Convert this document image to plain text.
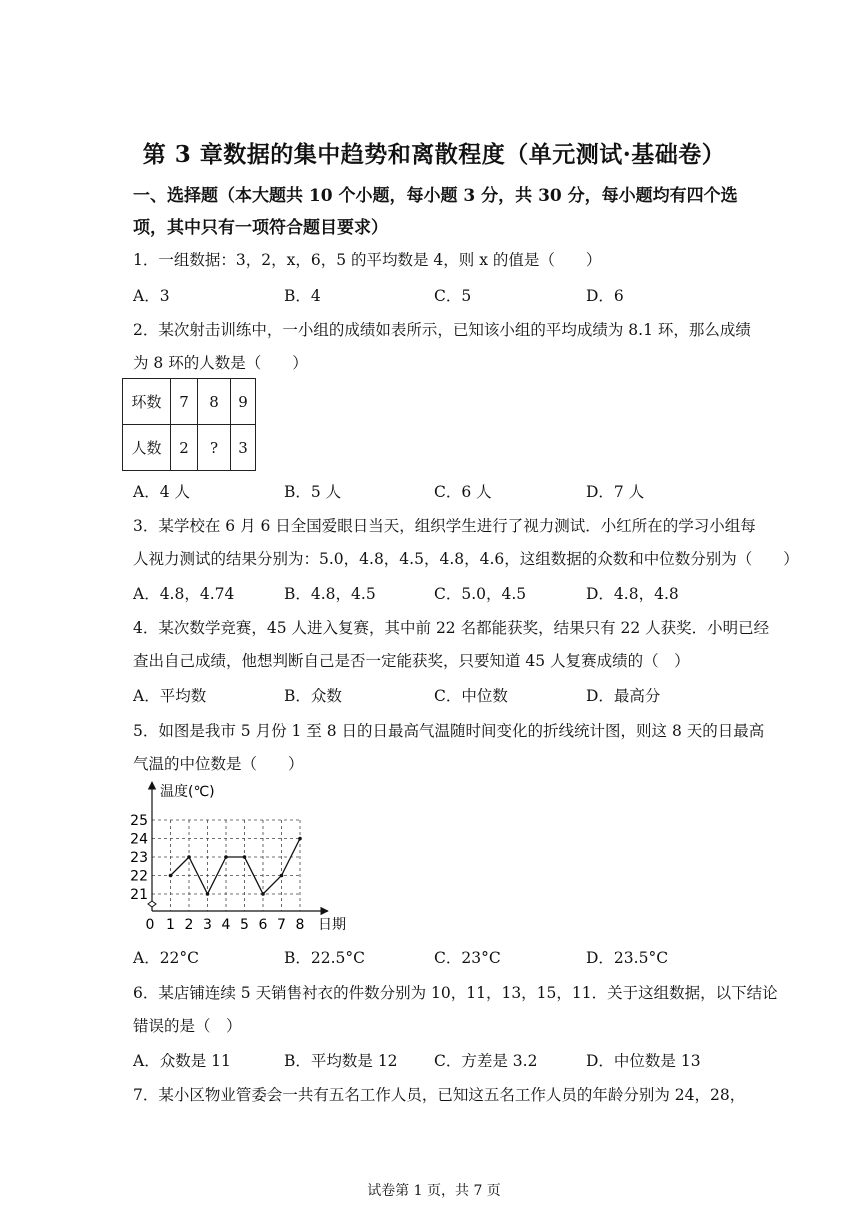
第 3 章数据的集中趋势和离散程度（单元测试·基础卷）
一、选择题（本大题共 10 个小题，每小题 3 分，共 30 分，每小题均有四个选
项，其中只有一项符合题目要求）
1．一组数据：3，2，x，6，5 的平均数是 4，则 x 的值是（　　）
A．3	B．4	C．5	D．6
2．某次射击训练中，一小组的成绩如表所示，已知该小组的平均成绩为 8.1 环，那么成绩
为 8 环的人数是（　　）
环数	7	8	9
人数	2	?	3
A．4 人	B．5 人	C．6 人	D．7 人
3．某学校在 6 月 6 日全国爱眼日当天，组织学生进行了视力测试．小红所在的学习小组每
人视力测试的结果分别为：5.0，4.8，4.5，4.8，4.6，这组数据的众数和中位数分别为（　　）
A．4.8，4.74	B．4.8，4.5	C．5.0，4.5	D．4.8，4.8
4．某次数学竞赛，45 人进入复赛，其中前 22 名都能获奖，结果只有 22 人获奖．小明已经
查出自己成绩，他想判断自己是否一定能获奖，只要知道 45 人复赛成绩的（　）
A．平均数	B．众数	C．中位数	D．最高分
5．如图是我市 5 月份 1 至 8 日的日最高气温随时间变化的折线统计图，则这 8 天的日最高
气温的中位数是（　　）
21
22
23
24
25
1 2 3 4 5 6 7 8
0
温度(℃)
日期
A．22°C	B．22.5°C	C．23°C	D．23.5°C
6．某店铺连续 5 天销售衬衣的件数分别为 10，11，13，15，11．关于这组数据，以下结论
错误的是（　）
A．众数是 11	B．平均数是 12 C．方差是 3.2	D．中位数是 13
7．某小区物业管委会一共有五名工作人员，已知这五名工作人员的年龄分别为 24，28，
试卷第 1 页，共 7 页
